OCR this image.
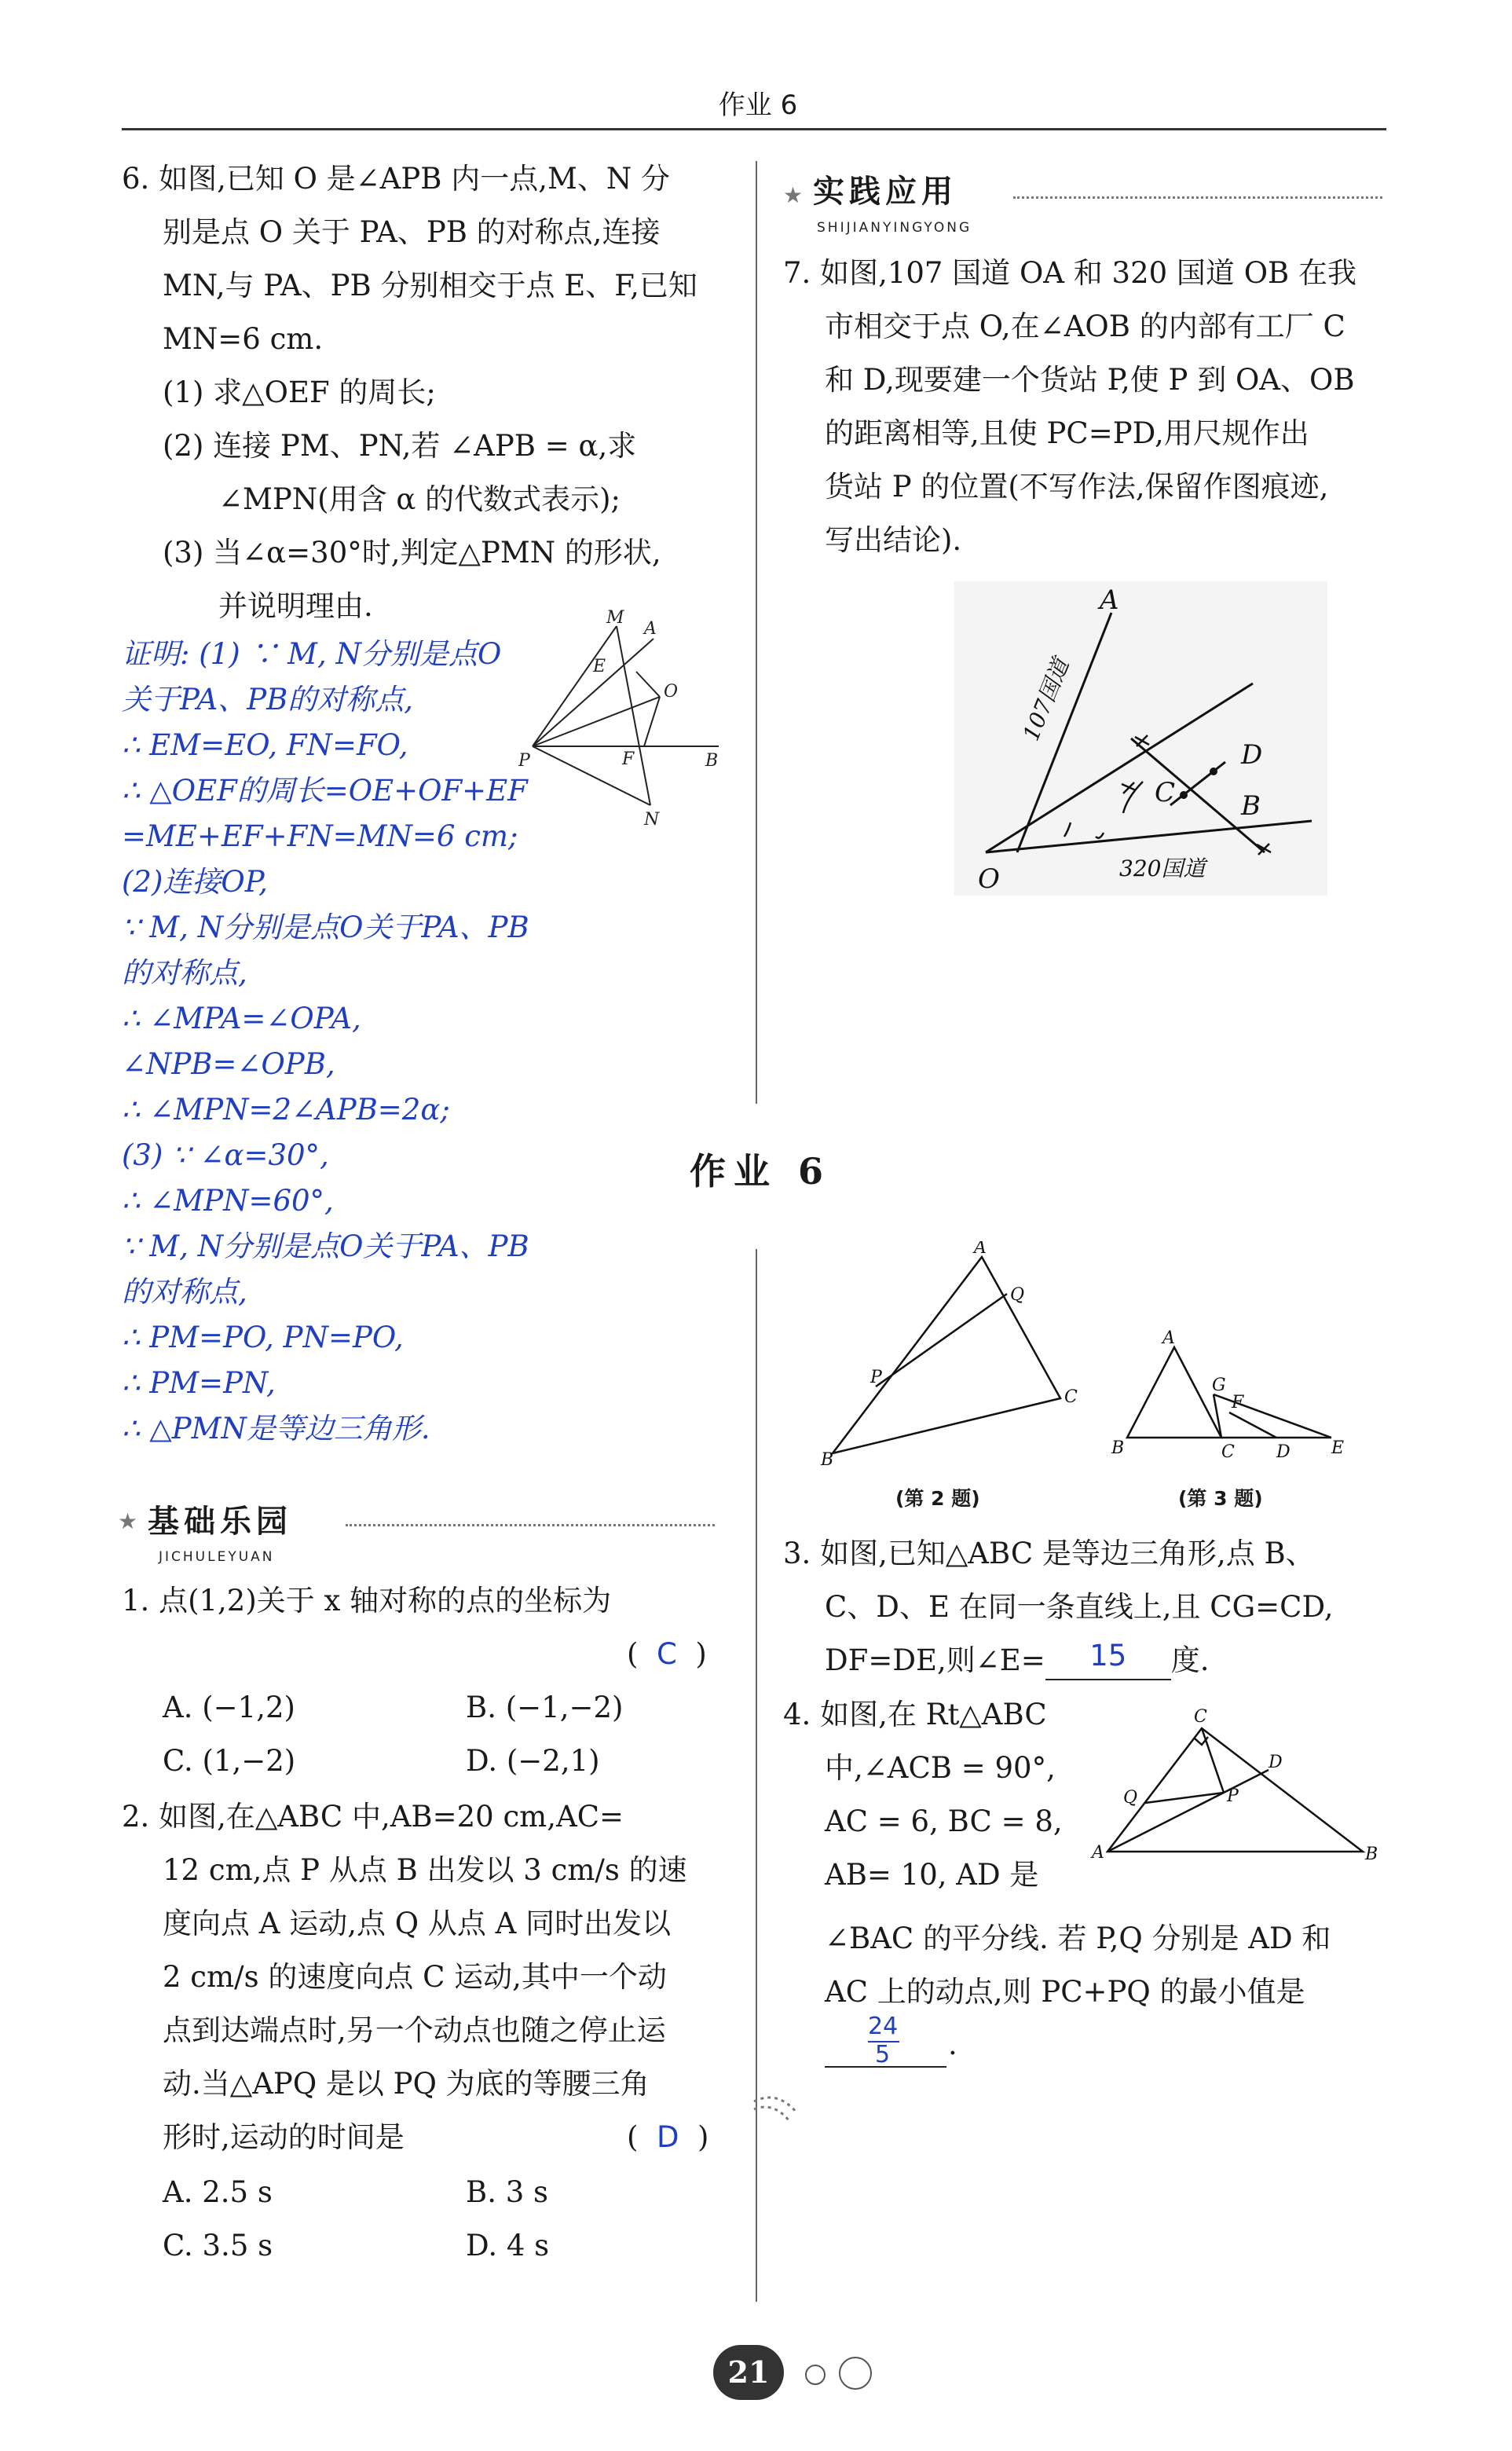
作业 6
6. 如图,已知 O 是∠APB 内一点,M、N 分
别是点 O 关于 PA、PB 的对称点,连接
MN,与 PA、PB 分别相交于点 E、F,已知
MN=6 cm.
(1) 求△OEF 的周长;
(2) 连接 PM、PN,若 ∠APB = α,求
∠MPN(用含 α 的代数式表示);
(3) 当∠α=30°时,判定△PMN 的形状,
并说明理由.	M
A
E
O
P	F	B
N
证明: (1) ∵ M, N分别是点O
关于PA、PB的对称点,
∴ EM=EO, FN=FO,
∴ △OEF的周长=OE+OF+EF
=ME+EF+FN=MN=6 cm;
(2)连接OP,
∵ M, N分别是点O关于PA、PB
的对称点,
∴ ∠MPA=∠OPA,
∠NPB=∠OPB,
∴ ∠MPN=2∠APB=2α;
(3) ∵ ∠α=30°,
∴ ∠MPN=60°,
∵ M, N分别是点O关于PA、PB
的对称点,
∴ PM=PO, PN=PO,
∴ PM=PN,
∴ △PMN是等边三角形.
★ 基础乐园
JICHULEYUAN
1. 点(1,2)关于 x 轴对称的点的坐标为
(  C  )
A. (−1,2)	B. (−1,−2)
C. (1,−2)	D. (−2,1)
2. 如图,在△ABC 中,AB=20 cm,AC=
12 cm,点 P 从点 B 出发以 3 cm/s 的速
度向点 A 运动,点 Q 从点 A 同时出发以
2 cm/s 的速度向点 C 运动,其中一个动
点到达端点时,另一个动点也随之停止运
动.当△APQ 是以 PQ 为底的等腰三角
形时,运动的时间是	(  D  )
A. 2.5 s	B. 3 s
C. 3.5 s	D. 4 s
★ 实践应用
SHIJIANYINGYONG
7. 如图,107 国道 OA 和 320 国道 OB 在我
市相交于点 O,在∠AOB 的内部有工厂 C
和 D,现要建一个货站 P,使 P 到 OA、OB
的距离相等,且使 PC=PD,用尺规作出
货站 P 的位置(不写作法,保留作图痕迹,
写出结论).
A
O
B
C
D
107国道
320国道
作业 6
A
Q
P
B
C
(第 2 题)
A
G
F
B	C D E
(第 3 题)
3. 如图,已知△ABC 是等边三角形,点 B、
C、D、E 在同一条直线上,且 CG=CD,
DF=DE,则∠E= 15 度.
4. 如图,在 Rt△ABC
中,∠ACB = 90°,
AC = 6, BC = 8,
AB= 10, AD 是
∠BAC 的平分线. 若 P,Q 分别是 AD 和
AC 上的动点,则 PC+PQ 的最小值是
24
5 .
C
D
Q	P
A	B
21
